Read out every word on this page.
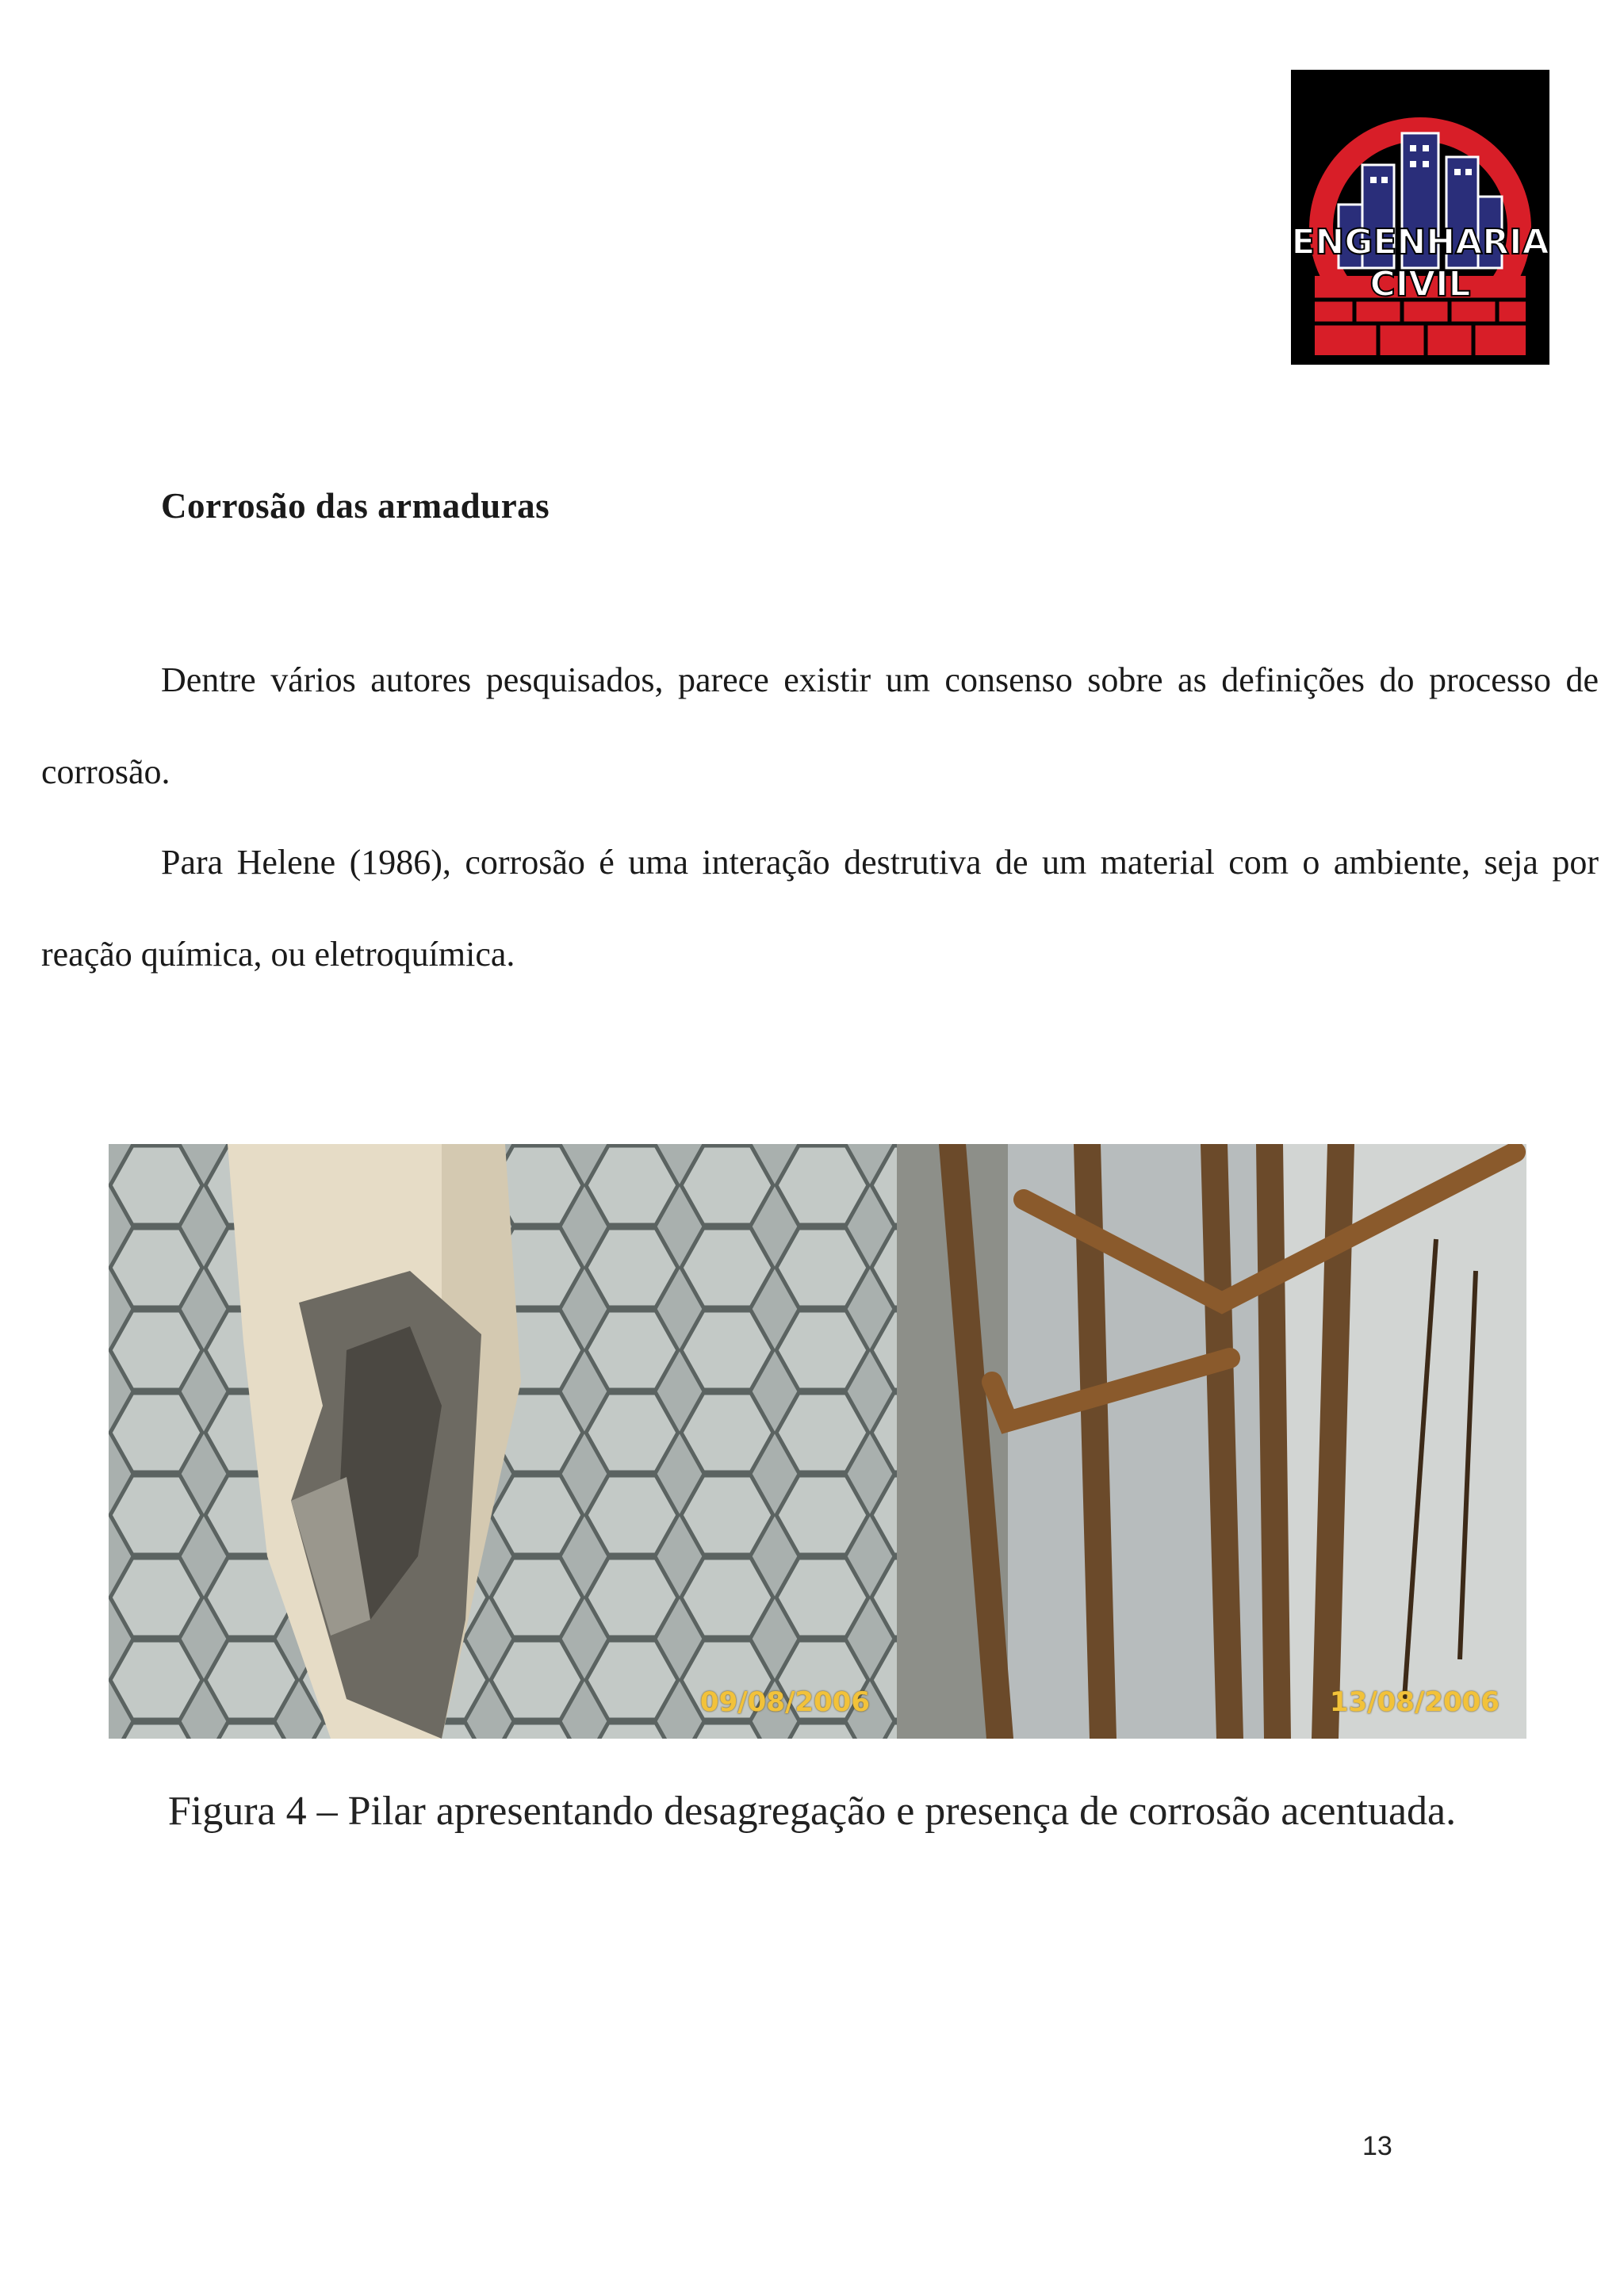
ENGENHARIA
CIVIL
Corrosão das armaduras

Dentre vários autores pesquisados, parece existir um consenso sobre as definições do processo de corrosão.

Para Helene (1986), corrosão é uma interação destrutiva de um material com o ambiente, seja por reação química, ou eletroquímica.

09/08/2006	13/08/2006
Figura 4 – Pilar apresentando desagregação e presença de corrosão acentuada.
13
